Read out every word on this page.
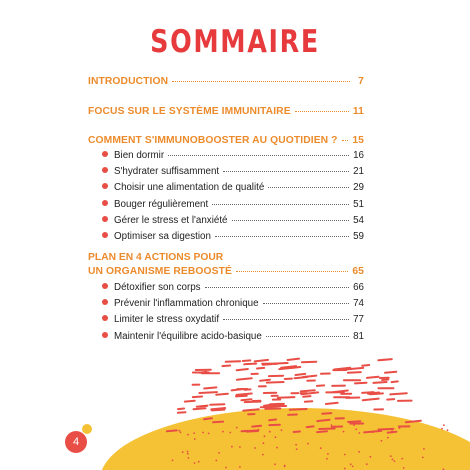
SOMMAIRE
INTRODUCTION	7
FOCUS SUR LE SYSTÈME IMMUNITAIRE	11
COMMENT S'IMMUNOBOOSTER AU QUOTIDIEN ? 15
Bien dormir	16
S'hydrater suffisamment	21
Choisir une alimentation de qualité	29
Bouger régulièrement	51
Gérer le stress et l'anxiété	54
Optimiser sa digestion	59
PLAN EN 4 ACTIONS POUR
UN ORGANISME REBOOSTÉ	65
Détoxifier son corps	66
Prévenir l'inflammation chronique	74
Limiter le stress oxydatif	77
Maintenir l'équilibre acido-basique	81
4
